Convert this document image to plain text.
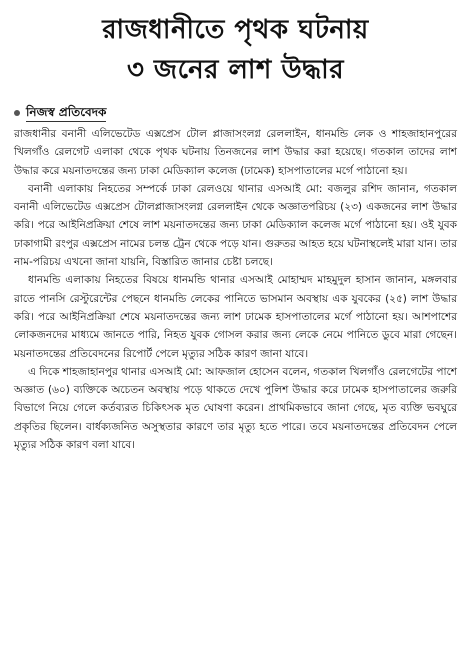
রাজধানীতে পৃথক ঘটনায়
৩ জনের লাশ উদ্ধার
নিজস্ব প্রতিবেদক

রাজধানীর বনানী এলিভেটেড এক্সপ্রেস টোল প্লাজাসংলগ্ন রেললাইন, ধানমন্ডি লেক ও শাহজাহানপুরের খিলগাঁও রেলগেট এলাকা থেকে পৃথক ঘটনায় তিনজনের লাশ উদ্ধার করা হয়েছে। গতকাল তাদের লাশ উদ্ধার করে ময়নাতদন্তের জন্য ঢাকা মেডিক্যাল কলেজ (ঢামেক) হাসপাতালের মর্গে পাঠানো হয়।

বনানী এলাকায় নিহতের সম্পর্কে ঢাকা রেলওয়ে থানার এসআই মো: বজলুর রশিদ জানান, গতকাল বনানী এলিভেটেড এক্সপ্রেস টোলপ্লাজাসংলগ্ন রেললাইন থেকে অজ্ঞাতপরিচয় (২৩) একজনের লাশ উদ্ধার করি। পরে আইনিপ্রক্রিয়া শেষে লাশ ময়নাতদন্তের জন্য ঢাকা মেডিক্যাল কলেজ মর্গে পাঠানো হয়। ওই যুবক ঢাকাগামী রংপুর এক্সপ্রেস নামের চলন্ত ট্রেন থেকে পড়ে যান। গুরুতর আহত হয়ে ঘটনাস্থলেই মারা যান। তার নাম-পরিচয় এখনো জানা যায়নি, বিস্তারিত জানার চেষ্টা চলছে।

ধানমন্ডি এলাকায় নিহতের বিষয়ে ধানমন্ডি থানার এসআই মোহাম্মদ মাহমুদুল হাসান জানান, মঙ্গলবার রাতে পানসি রেস্টুরেন্টের পেছনে ধানমন্ডি লেকের পানিতে ভাসমান অবস্থায় এক যুবকের (২৫) লাশ উদ্ধার করি। পরে আইনিপ্রক্রিয়া শেষে ময়নাতদন্তের জন্য লাশ ঢামেক হাসপাতালের মর্গে পাঠানো হয়। আশপাশের লোকজনদের মাধ্যমে জানতে পারি, নিহত যুবক গোসল করার জন্য লেকে নেমে পানিতে ডুবে মারা গেছেন। ময়নাতদন্তের প্রতিবেদনের রিপোর্ট পেলে মৃত্যুর সঠিক কারণ জানা যাবে।

এ দিকে শাহজাহানপুর থানার এসআই মো: আফজাল হোসেন বলেন, গতকাল খিলগাঁও রেলগেটের পাশে অজ্ঞাত (৬০) ব্যক্তিকে অচেতন অবস্থায় পড়ে থাকতে দেখে পুলিশ উদ্ধার করে ঢামেক হাসপাতালের জরুরি বিভাগে নিয়ে গেলে কর্তব্যরত চিকিৎসক মৃত ঘোষণা করেন। প্রাথমিকভাবে জানা গেছে, মৃত ব্যক্তি ভবঘুরে প্রকৃতির ছিলেন। বার্ধক্যজনিত অসুস্থতার কারণে তার মৃত্যু হতে পারে। তবে ময়নাতদন্তের প্রতিবেদন পেলে মৃত্যুর সঠিক কারণ বলা যাবে।
